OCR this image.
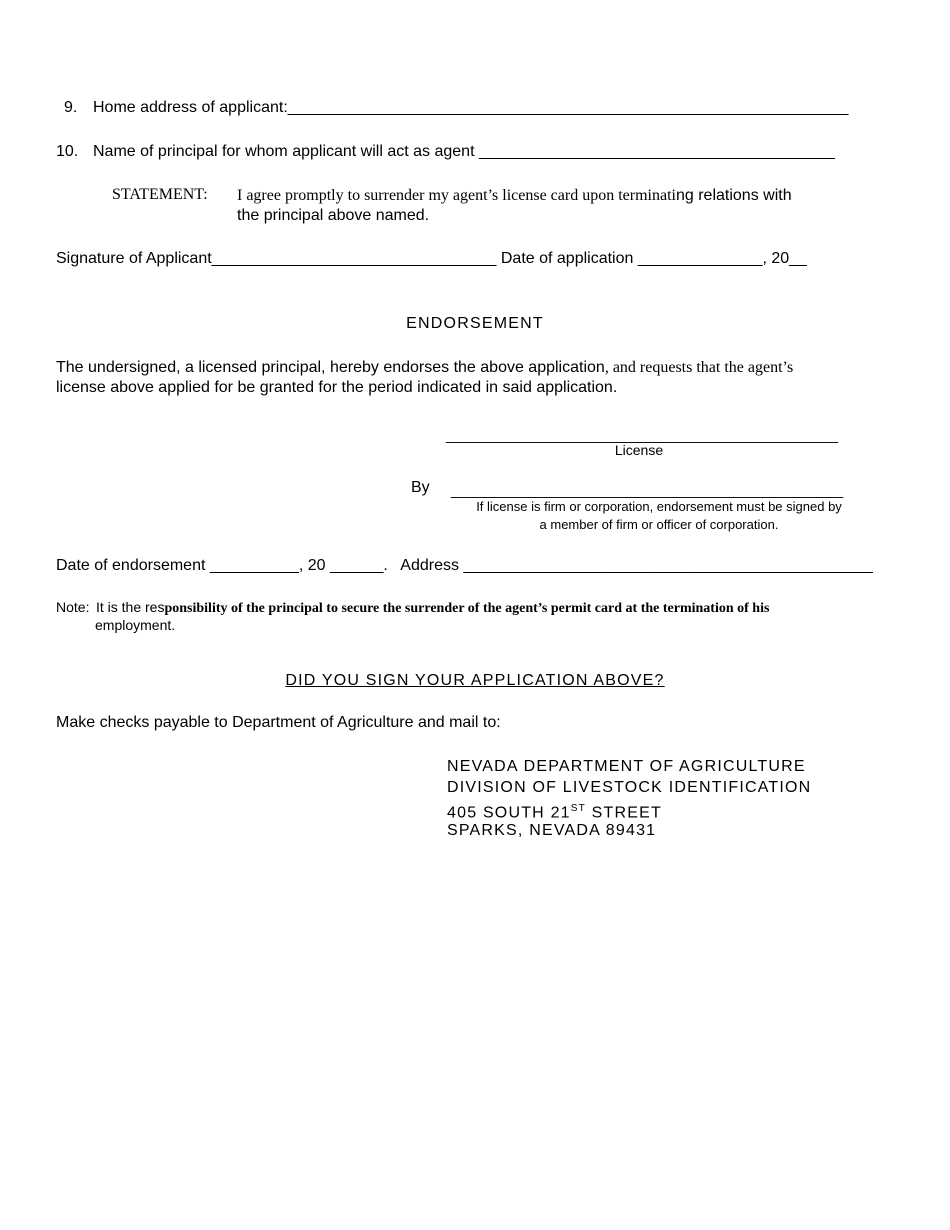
9. Home address of applicant:_______________________________________________________________
10. Name of principal for whom applicant will act as agent ________________________________________
STATEMENT: I agree promptly to surrender my agent’s license card upon terminating relations with
the principal above named.
Signature of Applicant________________________________ Date of application ______________, 20__
ENDORSEMENT
The undersigned, a licensed principal, hereby endorses the above application, and requests that the agent’s
license above applied for be granted for the period indicated in said application.
_______________________________________________
License
By _______________________________________________
If license is firm or corporation, endorsement must be signed by
a member of firm or officer of corporation.
Date of endorsement __________, 20 ______. Address ______________________________________________
Note: It is the responsibility of the principal to secure the surrender of the agent’s permit card at the termination of his
employment.
DID YOU SIGN YOUR APPLICATION ABOVE?
Make checks payable to Department of Agriculture and mail to:
NEVADA DEPARTMENT OF AGRICULTURE
DIVISION OF LIVESTOCK IDENTIFICATION
405 SOUTH 21ST STREET
SPARKS, NEVADA 89431
